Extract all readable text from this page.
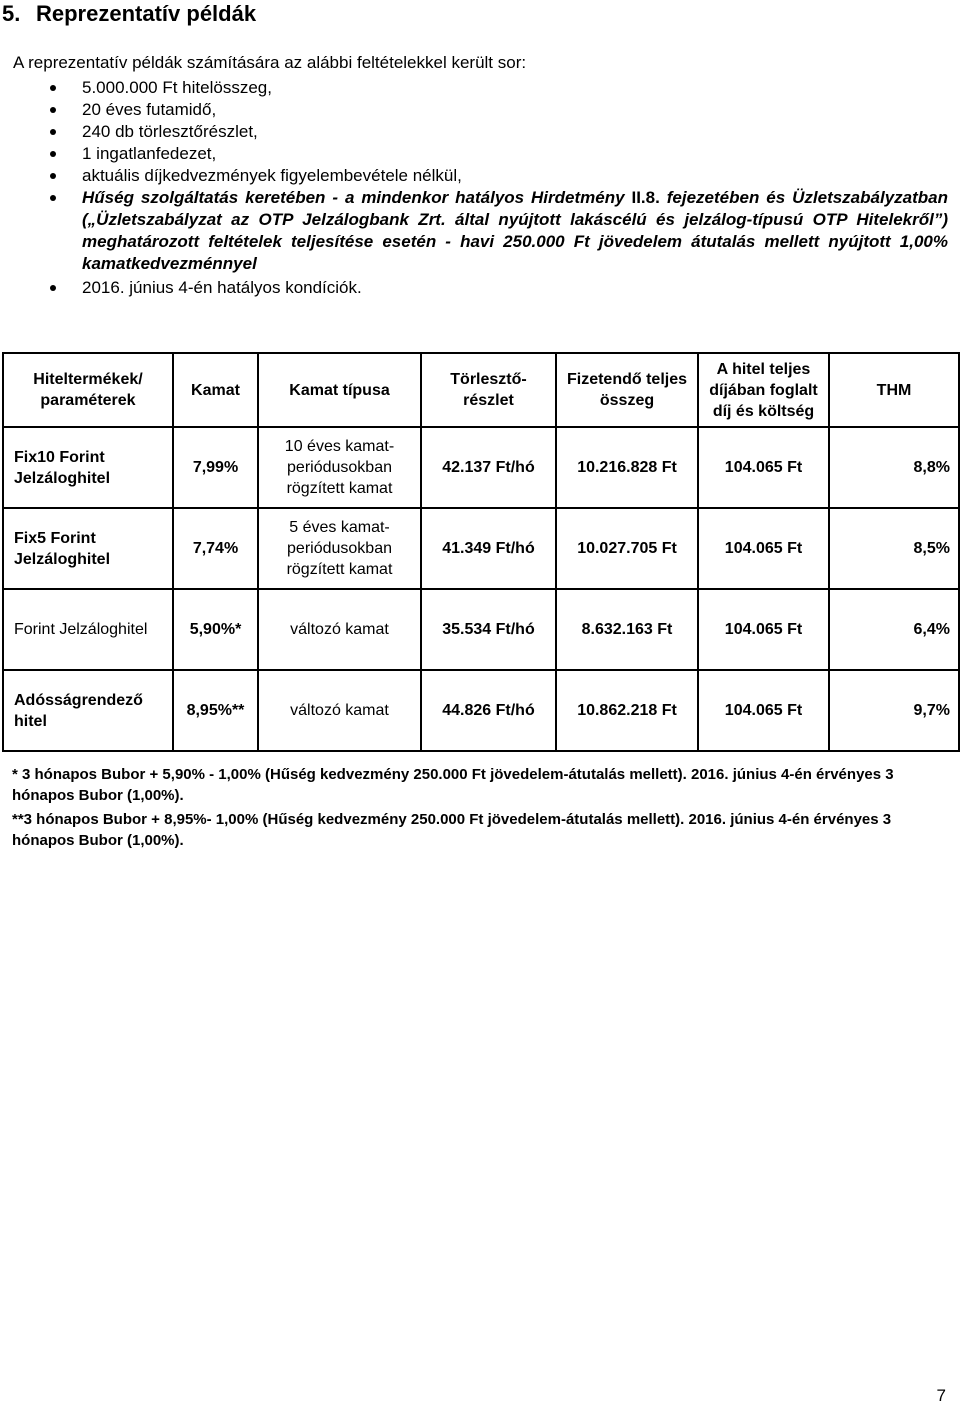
5. Reprezentatív példák
A reprezentatív példák számítására az alábbi feltételekkel került sor:
5.000.000 Ft hitelösszeg,
20 éves futamidő,
240 db törlesztőrészlet,
1 ingatlanfedezet,
aktuális díjkedvezmények figyelembevétele nélkül,
Hűség szolgáltatás keretében - a mindenkor hatályos Hirdetmény II.8. fejezetében és Üzletszabályzatban („Üzletszabályzat az OTP Jelzálogbank Zrt. által nyújtott lakáscélú és jelzálog-típusú OTP Hitelekről”) meghatározott feltételek teljesítése esetén - havi 250.000 Ft jövedelem átutalás mellett nyújtott 1,00% kamatkedvezménnyel
2016. június 4-én hatályos kondíciók.
Hiteltermékek/ paraméterek	Kamat	Kamat típusa	Törlesztő-részlet	Fizetendő teljes összeg	A hitel teljes díjában foglalt díj és költség	THM
Fix10 Forint Jelzáloghitel	7,99%	10 éves kamat-periódusokban rögzített kamat	42.137 Ft/hó	10.216.828 Ft	104.065 Ft	8,8%
Fix5 Forint Jelzáloghitel	7,74%	5 éves kamat-periódusokban rögzített kamat	41.349 Ft/hó	10.027.705 Ft	104.065 Ft	8,5%
Forint Jelzáloghitel	5,90%*	változó kamat	35.534 Ft/hó	8.632.163 Ft	104.065 Ft	6,4%
Adósságrendező hitel	8,95%**	változó kamat	44.826 Ft/hó	10.862.218 Ft	104.065 Ft	9,7%

* 3 hónapos Bubor + 5,90% - 1,00% (Hűség kedvezmény 250.000 Ft jövedelem-átutalás mellett). 2016. június 4-én érvényes 3 hónapos Bubor (1,00%).

**3 hónapos Bubor + 8,95%- 1,00% (Hűség kedvezmény 250.000 Ft jövedelem-átutalás mellett). 2016. június 4-én érvényes 3 hónapos Bubor (1,00%).

7
